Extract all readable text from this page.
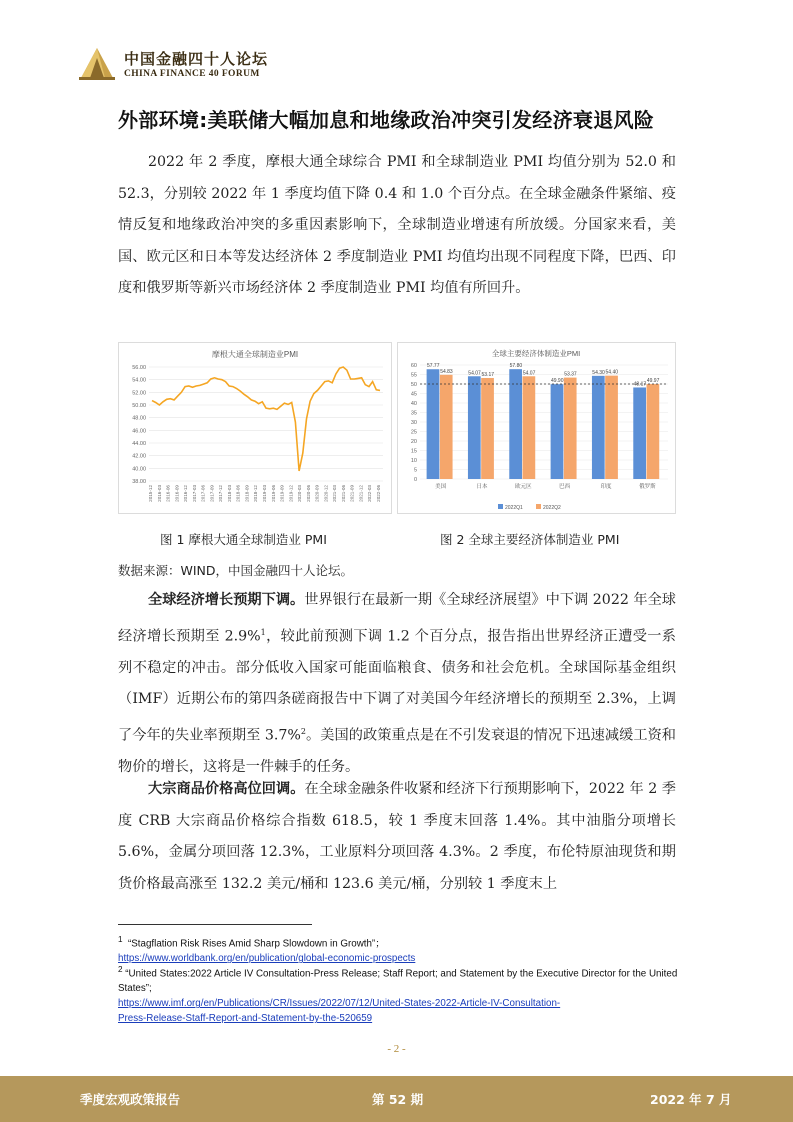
中国金融四十人论坛
CHINA FINANCE 40 FORUM
外部环境:美联储大幅加息和地缘政治冲突引发经济衰退风险

2022 年 2 季度，摩根大通全球综合 PMI 和全球制造业 PMI 均值分别为 52.0 和 52.3，分别较 2022 年 1 季度均值下降 0.4 和 1.0 个百分点。在全球金融条件紧缩、疫情反复和地缘政治冲突的多重因素影响下，全球制造业增速有所放缓。分国家来看，美国、欧元区和日本等发达经济体 2 季度制造业 PMI 均值均出现不同程度下降，巴西、印度和俄罗斯等新兴市场经济体 2 季度制造业 PMI 均值有所回升。

摩根大通全球制造业PMI
38.00
40.00
42.00
44.00
46.00
48.00
50.00
52.00
54.00
56.00
2015-12 2016-03 2016-06 2016-09 2016-12 2017-03 2017-06 2017-09 2017-12 2018-03 2018-06 2018-09 2018-12 2019-03 2019-06 2019-09 2019-12 2020-03 2020-06 2020-09 2020-12 2021-03 2021-06 2021-09 2021-12 2022-03 2022-06
全球主要经济体制造业PMI
0
5
10
15
20
25
30
35
40
45
50
55
60 57.77
54.83	54.07 53.17
57.80
54.07
49.90
53.37	54.30 54.40
48.17
49.97
美国	日本	欧元区	巴西	印度	俄罗斯
2022Q1	2022Q2
图 1 摩根大通全球制造业 PMI	图 2 全球主要经济体制造业 PMI
数据来源：WIND，中国金融四十人论坛。

全球经济增长预期下调。世界银行在最新一期《全球经济展望》中下调 2022 年全球经济增长预期至 2.9%$^1$，较此前预测下调 1.2 个百分点，报告指出世界经济正遭受一系列不稳定的冲击。部分低收入国家可能面临粮食、债务和社会危机。全球国际基金组织（IMF）近期公布的第四条磋商报告中下调了对美国今年经济增长的预期至 2.3%，上调了今年的失业率预期至 3.7%$^2$。美国的政策重点是在不引发衰退的情况下迅速减缓工资和物价的增长，这将是一件棘手的任务。

大宗商品价格高位回调。在全球金融条件收紧和经济下行预期影响下，2022 年 2 季度 CRB 大宗商品价格综合指数 618.5，较 1 季度末回落 1.4%。其中油脂分项增长 5.6%，金属分项回落 12.3%，工业原料分项回落 4.3%。2 季度，布伦特原油现货和期货价格最高涨至 132.2 美元/桶和 123.6 美元/桶，分别较 1 季度末上

$^1$ “Stagflation Risk Rises Amid Sharp Slowdown in Growth”；
https://www.worldbank.org/en/publication/global-economic-prospects
$^2$ “United States:2022 Article IV Consultation-Press Release; Staff Report; and Statement by the Executive Director for the United States”;
https://www.imf.org/en/Publications/CR/Issues/2022/07/12/United-States-2022-Article-IV-Consultation-
Press-Release-Staff-Report-and-Statement-by-the-520659
- 2 -
季度宏观政策报告	第 52 期	2022 年 7 月
